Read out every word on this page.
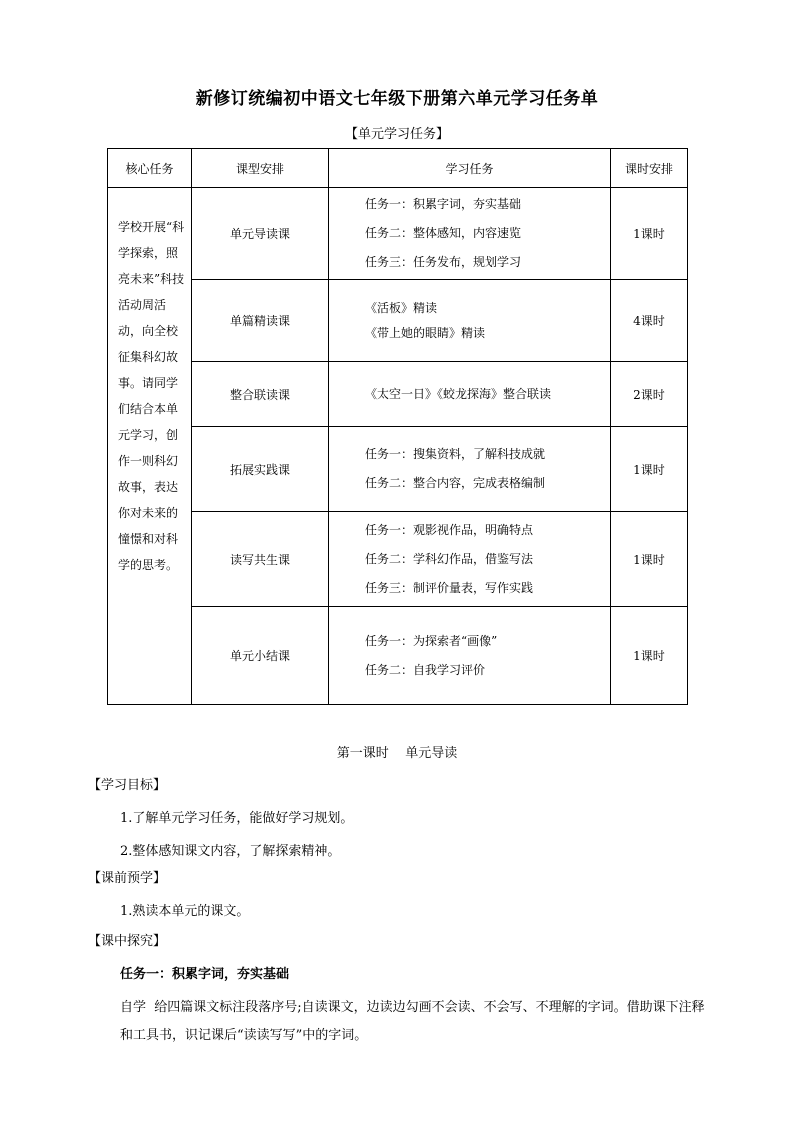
新修订统编初中语文七年级下册第六单元学习任务单
【单元学习任务】
核心任务	课型安排	学习任务	课时安排
学校开展“科学探索，照亮未来”科技活动周活动，向全校征集科幻故事。请同学们结合本单元学习，创作一则科幻故事，表达你对未来的憧憬和对科学的思考。	单元导读课	任务一：积累字词，夯实基础
任务二：整体感知，内容速览
任务三：任务发布，规划学习	1课时
	单篇精读课	《活板》精读
《带上她的眼睛》精读	4课时
	整合联读课	《太空一日》《蛟龙探海》整合联读	2课时
	拓展实践课	任务一：搜集资料，了解科技成就
任务二：整合内容，完成表格编制	1课时
	读写共生课	任务一：观影视作品，明确特点
任务二：学科幻作品，借鉴写法
任务三：制评价量表，写作实践	1课时
	单元小结课	任务一：为探索者“画像”
任务二：自我学习评价	1课时
第一课时    单元导读
【学习目标】
1.了解单元学习任务，能做好学习规划。
2.整体感知课文内容，了解探索精神。
【课前预学】
1.熟读本单元的课文。
【课中探究】
任务一：积累字词，夯实基础
自学  给四篇课文标注段落序号;自读课文，边读边勾画不会读、不会写、不理解的字词。借助课下注释和工具书，识记课后“读读写写”中的字词。
